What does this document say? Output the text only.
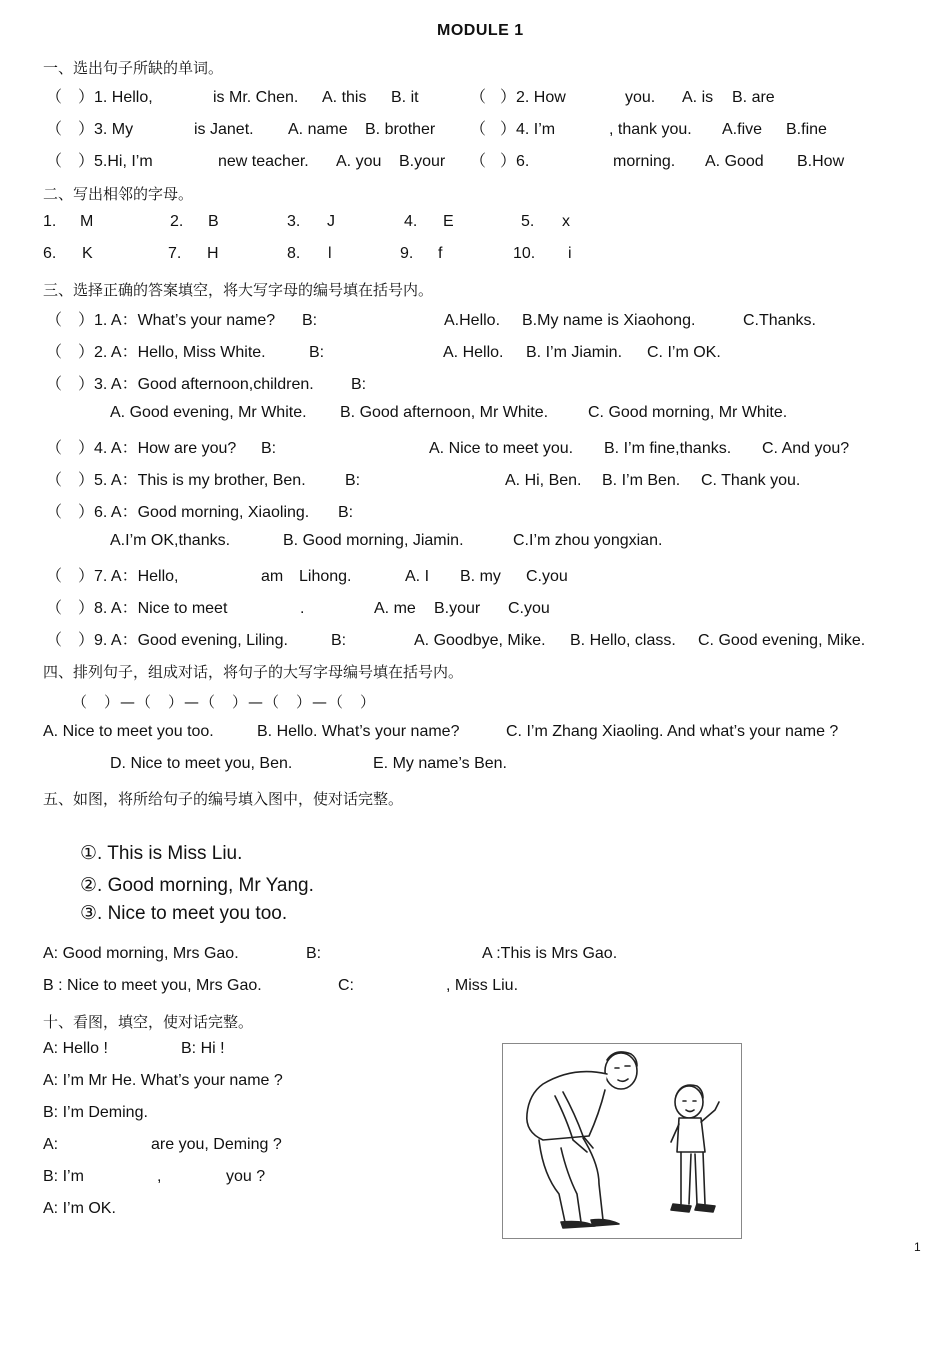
MODULE 1
一、选出句子所缺的单词。
（ ）1. Hello,	is Mr. Chen. A. this B. it	（ ）2. How	you. A. is B. are
（ ）3. My	is Janet. A. name B. brother （ ）4. I’m	, thank you. A.five B.fine
（ ）5.Hi, I’m	new teacher. A. you B.your （ ）6.	morning. A. Good B.How
二、写出相邻的字母。
1. M	2. B	3. J	4. E	5. x
6. K	7. H	8. l	9. f	10. i
三、选择正确的答案填空，将大写字母的编号填在括号内。
（ ）1. A：What’s your name? B:	A.Hello. B.My name is Xiaohong.	C.Thanks.
（ ）2. A：Hello, Miss White.	B:	A. Hello. B. I’m Jiamin. C. I’m OK.
（ ）3. A：Good afternoon,children. B:
A. Good evening, Mr White. B. Good afternoon, Mr White. C. Good morning, Mr White.
（ ）4. A：How are you? B:	A. Nice to meet you. B. I’m fine,thanks. C. And you?
（ ）5. A：This is my brother, Ben. B:	A. Hi, Ben. B. I’m Ben. C. Thank you.
（ ）6. A：Good morning, Xiaoling. B:
A.I’m OK,thanks.	B. Good morning, Jiamin.	C.I’m zhou yongxian.
（ ）7. A：Hello,	am Lihong.	A. I B. my C.you
（ ）8. A：Nice to meet	.	A. me B.your C.you
（ ）9. A：Good evening, Liling.	B:	A. Goodbye, Mike. B. Hello, class. C. Good evening, Mike.
四、排列句子，组成对话，将句子的大写字母编号填在括号内。
（　）—（　）—（　）—（　）—（　）
A. Nice to meet you too.	B. Hello. What’s your name?	C. I’m Zhang Xiaoling. And what’s your name ?
D. Nice to meet you, Ben.	E. My name’s Ben.
五、如图，将所给句子的编号填入图中，使对话完整。
①. This is Miss Liu.
②. Good morning, Mr Yang.
③. Nice to meet you too.
A: Good morning, Mrs Gao.	B:	A :This is Mrs Gao.
B : Nice to meet you, Mrs Gao.	C:	, Miss Liu.
十、看图，填空，使对话完整。
A: Hello !	B: Hi !
A: I’m Mr He. What’s your name ?
B: I’m Deming.
A:	are you, Deming ?
B: I’m	,	you ?
A: I’m OK.
1
